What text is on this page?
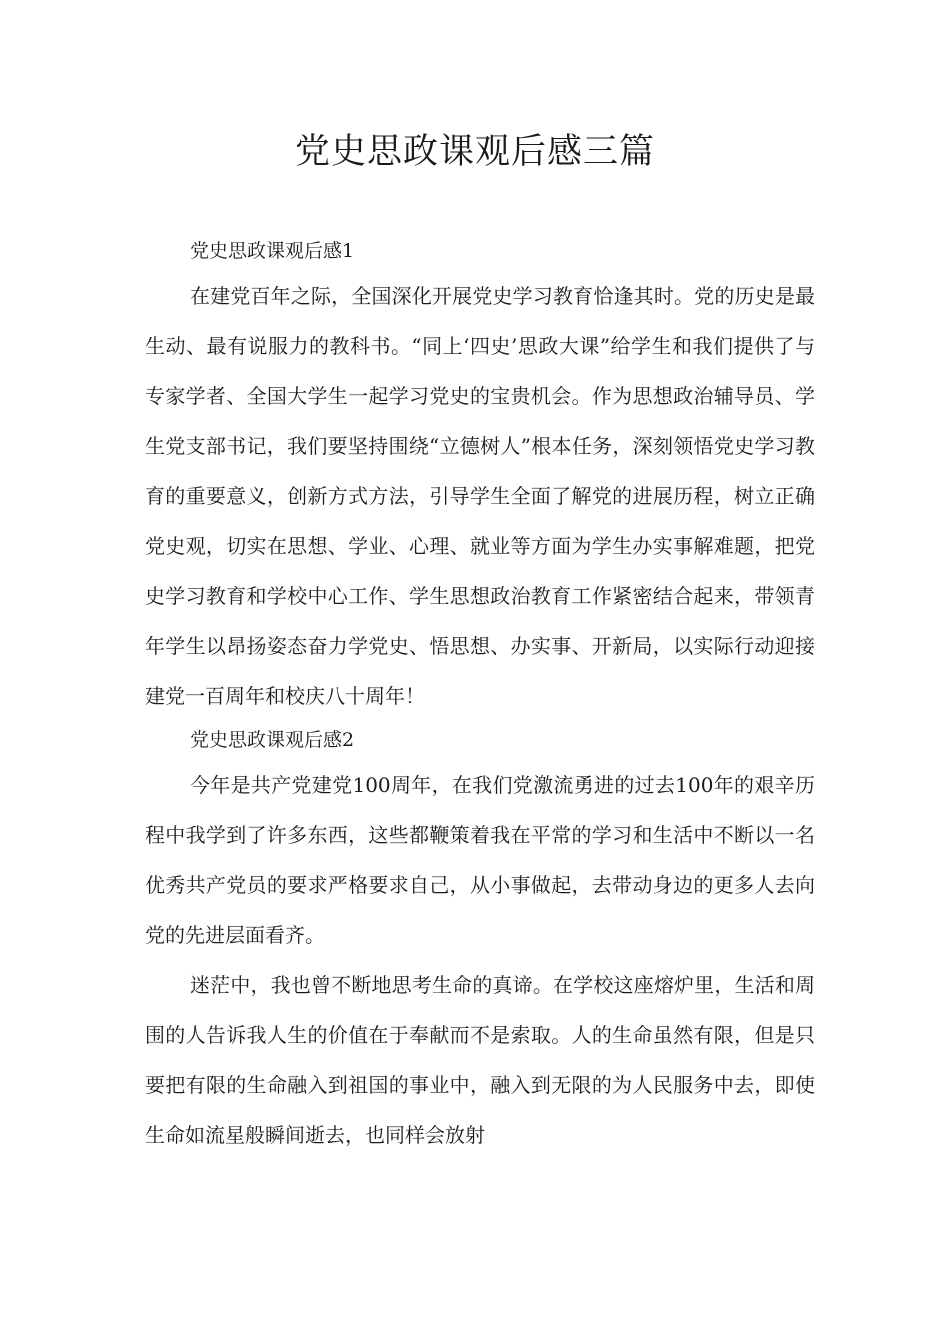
党史思政课观后感三篇

党史思政课观后感1

在建党百年之际，全国深化开展党史学习教育恰逢其时。党的历史是最生动、最有说服力的教科书。“同上‘四史’思政大课”给学生和我们提供了与专家学者、全国大学生一起学习党史的宝贵机会。作为思想政治辅导员、学生党支部书记，我们要坚持围绕“立德树人”根本任务，深刻领悟党史学习教育的重要意义，创新方式方法，引导学生全面了解党的进展历程，树立正确党史观，切实在思想、学业、心理、就业等方面为学生办实事解难题，把党史学习教育和学校中心工作、学生思想政治教育工作紧密结合起来，带领青年学生以昂扬姿态奋力学党史、悟思想、办实事、开新局，以实际行动迎接建党一百周年和校庆八十周年！

党史思政课观后感2

今年是共产党建党100周年，在我们党激流勇进的过去100年的艰辛历程中我学到了许多东西，这些都鞭策着我在平常的学习和生活中不断以一名优秀共产党员的要求严格要求自己，从小事做起，去带动身边的更多人去向党的先进层面看齐。

迷茫中，我也曾不断地思考生命的真谛。在学校这座熔炉里，生活和周围的人告诉我人生的价值在于奉献而不是索取。人的生命虽然有限，但是只要把有限的生命融入到祖国的事业中，融入到无限的为人民服务中去，即使生命如流星般瞬间逝去，也同样会放射
